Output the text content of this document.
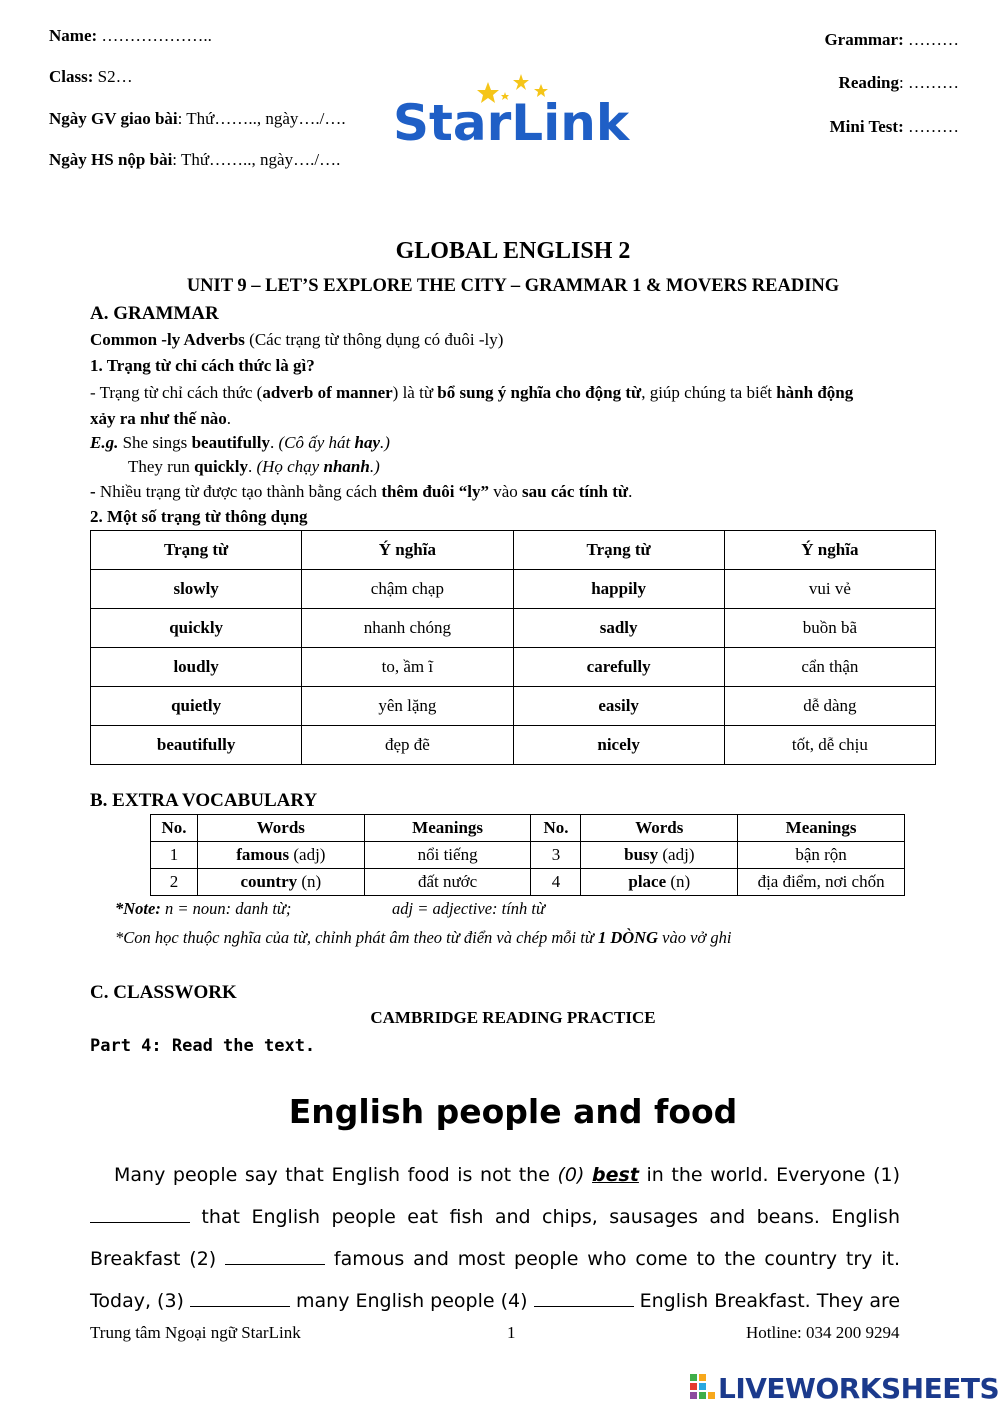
Name: ………………..
Class: S2…
Ngày GV giao bài: Thứ…….., ngày…./….
Ngày HS nộp bài: Thứ…….., ngày…./….
Grammar: ………
Reading: ………
Mini Test: ………
StarLink
GLOBAL ENGLISH 2
UNIT 9 – LET’S EXPLORE THE CITY – GRAMMAR 1 & MOVERS READING
A. GRAMMAR
Common -ly Adverbs (Các trạng từ thông dụng có đuôi -ly)
1. Trạng từ chỉ cách thức là gì?
- Trạng từ chỉ cách thức (adverb of manner) là từ bổ sung ý nghĩa cho động từ, giúp chúng ta biết hành động
xảy ra như thế nào.
E.g. She sings beautifully. (Cô ấy hát hay.)
They run quickly. (Họ chạy nhanh.)
- Nhiều trạng từ được tạo thành bằng cách thêm đuôi “ly” vào sau các tính từ.
2. Một số trạng từ thông dụng
Trạng từ	Ý nghĩa	Trạng từ	Ý nghĩa
slowly	chậm chạp	happily	vui vẻ
quickly	nhanh chóng	sadly	buồn bã
loudly	to, ầm ĩ	carefully	cẩn thận
quietly	yên lặng	easily	dễ dàng
beautifully	đẹp đẽ	nicely	tốt, dễ chịu
B. EXTRA VOCABULARY
No.	Words	Meanings	No.	Words	Meanings
1	famous (adj)	nổi tiếng	3	busy (adj)	bận rộn
2	country (n)	đất nước	4	place (n)	địa điểm, nơi chốn
*Note: n = noun: danh từ;	adj = adjective: tính từ
*Con học thuộc nghĩa của từ, chỉnh phát âm theo từ điển và chép mỗi từ 1 DÒNG vào vở ghi
C. CLASSWORK
CAMBRIDGE READING PRACTICE
Part 4: Read the text.
English people and food
Many people say that English food is not the (0) best in the world. Everyone (1)
that English people eat fish and chips, sausages and beans. English
Breakfast (2)	famous and most people who come to the country try it.
Today, (3)	many English people (4)	English Breakfast. They are
Trung tâm Ngoại ngữ StarLink	1	Hotline: 034 200 9294
LIVEWORKSHEETS
